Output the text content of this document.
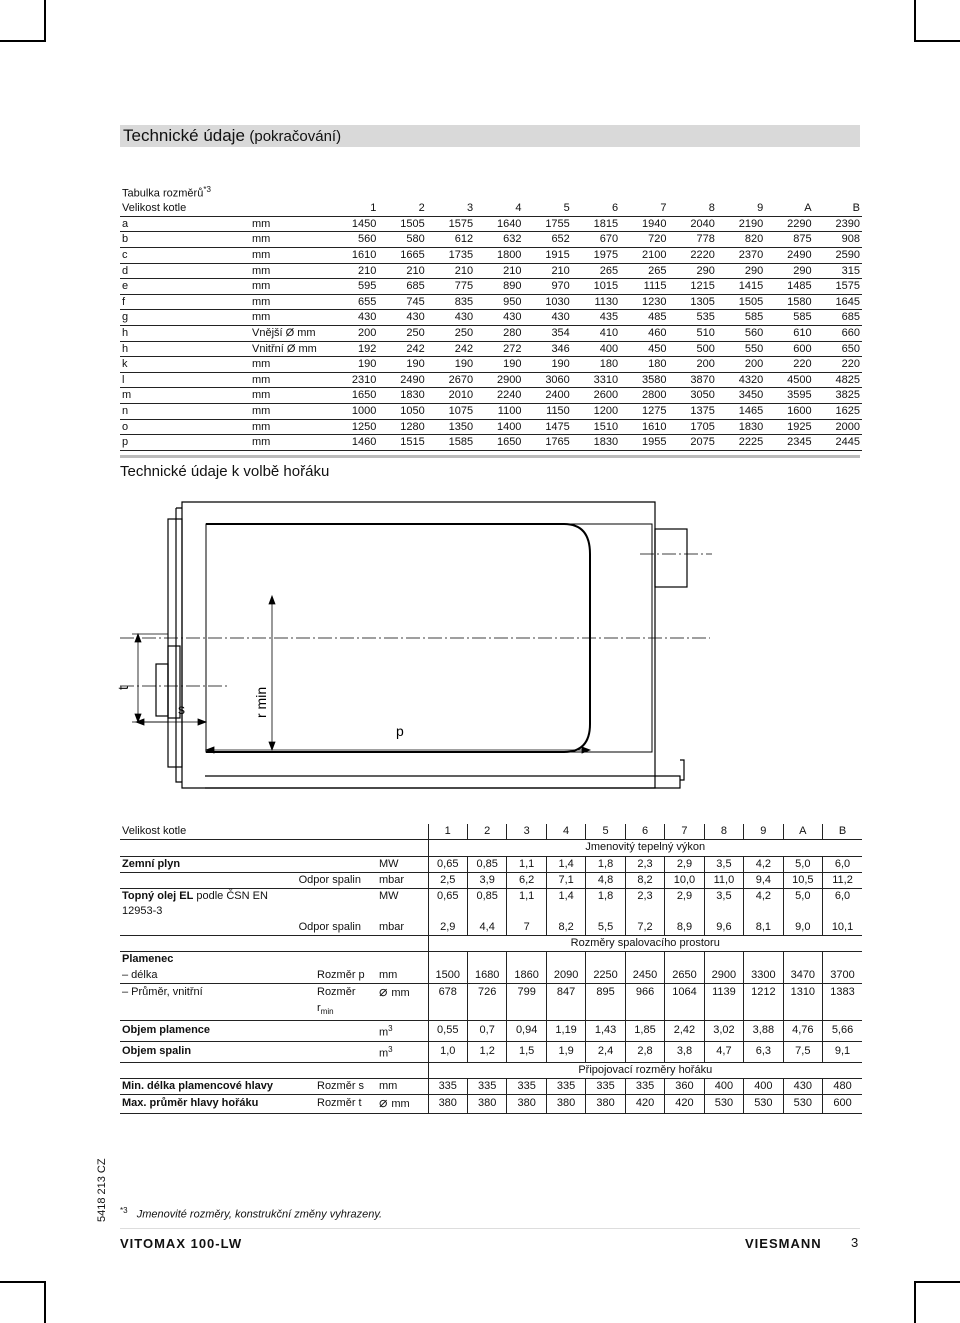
Technické údaje (pokračování)
Tabulka rozměrů$^{*3}$
Velikost kotle		1	2	3	4	5	6	7	8	9	A	B
a	mm	1450	1505	1575	1640	1755	1815	1940	2040	2190	2290	2390
b	mm	560	580	612	632	652	670	720	778	820	875	908
c	mm	1610	1665	1735	1800	1915	1975	2100	2220	2370	2490	2590
d	mm	210	210	210	210	210	265	265	290	290	290	315
e	mm	595	685	775	890	970	1015	1115	1215	1415	1485	1575
f	mm	655	745	835	950	1030	1130	1230	1305	1505	1580	1645
g	mm	430	430	430	430	430	435	485	535	585	585	685
h	Vnější Ø mm	200	250	250	280	354	410	460	510	560	610	660
h	Vnitřní Ø mm	192	242	242	272	346	400	450	500	550	600	650
k	mm	190	190	190	190	190	180	180	200	200	220	220
l	mm	2310	2490	2670	2900	3060	3310	3580	3870	4320	4500	4825
m	mm	1650	1830	2010	2240	2400	2600	2800	3050	3450	3595	3825
n	mm	1000	1050	1075	1100	1150	1200	1275	1375	1465	1600	1625
o	mm	1250	1280	1350	1400	1475	1510	1610	1705	1830	1925	2000
p	mm	1460	1515	1585	1650	1765	1830	1955	2075	2225	2345	2445
Technické údaje k volbě hořáku
t
s	r min
p
Velikost kotle				1	2	3	4	5	6	7	8	9	A	B
				Jmenovitý tepelný výkon										
Zemní plyn			MW	0,65	0,85	1,1	1,4	1,8	2,3	2,9	3,5	4,2	5,0	6,0
	Odpor spalin		mbar	2,5	3,9	6,2	7,1	4,8	8,2	10,0	11,0	9,4	10,5	11,2
Topný olej EL podle ČSN EN			MW	0,65	0,85	1,1	1,4	1,8	2,3	2,9	3,5	4,2	5,0	6,0
12953-3														
	Odpor spalin		mbar	2,9	4,4	7	8,2	5,5	7,2	8,9	9,6	8,1	9,0	10,1
				Rozměry spalovacího prostoru										
Plamenec														
– délka		Rozměr p	mm	1500	1680	1860	2090	2250	2450	2650	2900	3300	3470	3700
– Průměr, vnitřní		Rozměr	⌀ mm	678	726	799	847	895	966	1064	1139	1212	1310	1383
$r_{min}$											
Objem plamence			$m^3$	0,55	0,7	0,94	1,19	1,43	1,85	2,42	3,02	3,88	4,76	5,66
Objem spalin			$m^3$	1,0	1,2	1,5	1,9	2,4	2,8	3,8	4,7	6,3	7,5	9,1
				Připojovací rozměry hořáku										
Min. délka plamencové hlavy		Rozměr s	mm	335	335	335	335	335	335	360	400	400	430	480
Max. průměr hlavy hořáku		Rozměr t	⌀ mm	380	380	380	380	380	420	420	530	530	530	600
$^{*3}$ Jmenovité rozměry, konstrukční změny vyhrazeny.
5418 213 CZ
VITOMAX 100-LW	VIESMANN 3
